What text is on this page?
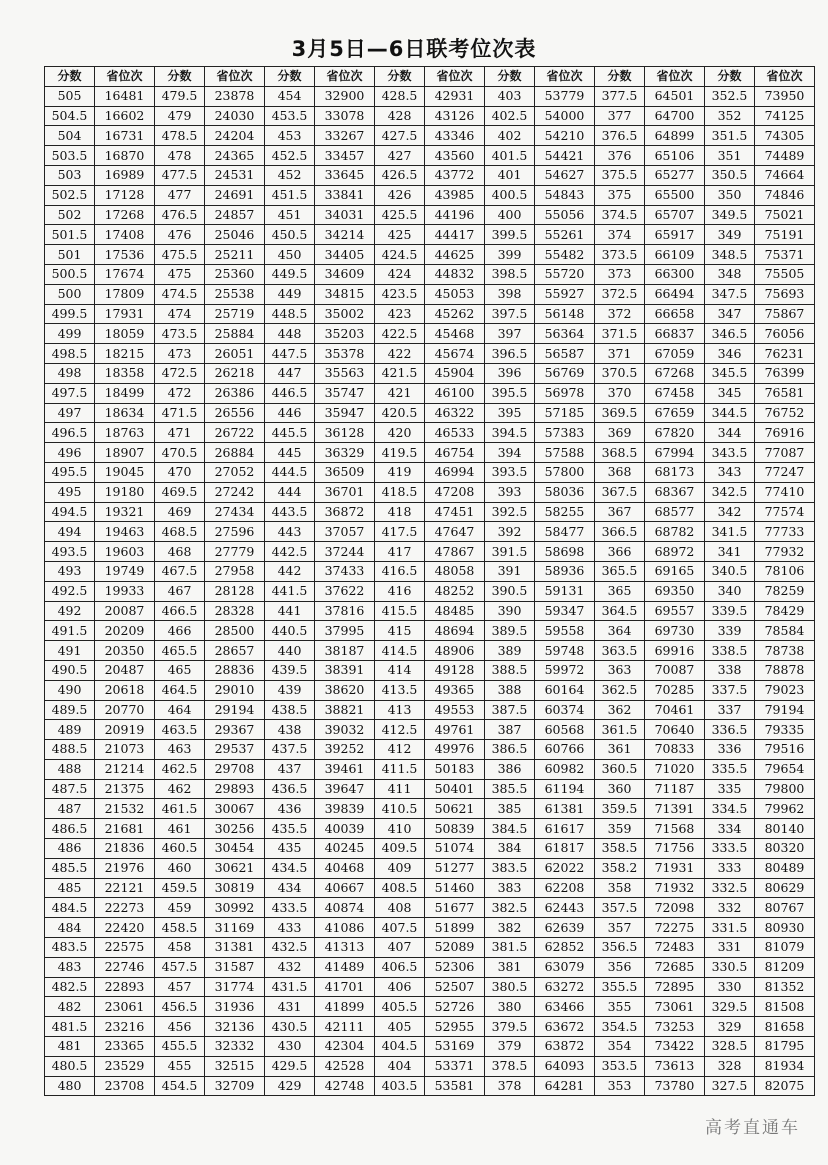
3月5日—6日联考位次表
分数	省位次	分数	省位次	分数	省位次	分数	省位次	分数	省位次	分数	省位次	分数	省位次
505	16481	479.5	23878	454	32900	428.5	42931	403	53779	377.5	64501	352.5	73950
504.5	16602	479	24030	453.5	33078	428	43126	402.5	54000	377	64700	352	74125
504	16731	478.5	24204	453	33267	427.5	43346	402	54210	376.5	64899	351.5	74305
503.5	16870	478	24365	452.5	33457	427	43560	401.5	54421	376	65106	351	74489
503	16989	477.5	24531	452	33645	426.5	43772	401	54627	375.5	65277	350.5	74664
502.5	17128	477	24691	451.5	33841	426	43985	400.5	54843	375	65500	350	74846
502	17268	476.5	24857	451	34031	425.5	44196	400	55056	374.5	65707	349.5	75021
501.5	17408	476	25046	450.5	34214	425	44417	399.5	55261	374	65917	349	75191
501	17536	475.5	25211	450	34405	424.5	44625	399	55482	373.5	66109	348.5	75371
500.5	17674	475	25360	449.5	34609	424	44832	398.5	55720	373	66300	348	75505
500	17809	474.5	25538	449	34815	423.5	45053	398	55927	372.5	66494	347.5	75693
499.5	17931	474	25719	448.5	35002	423	45262	397.5	56148	372	66658	347	75867
499	18059	473.5	25884	448	35203	422.5	45468	397	56364	371.5	66837	346.5	76056
498.5	18215	473	26051	447.5	35378	422	45674	396.5	56587	371	67059	346	76231
498	18358	472.5	26218	447	35563	421.5	45904	396	56769	370.5	67268	345.5	76399
497.5	18499	472	26386	446.5	35747	421	46100	395.5	56978	370	67458	345	76581
497	18634	471.5	26556	446	35947	420.5	46322	395	57185	369.5	67659	344.5	76752
496.5	18763	471	26722	445.5	36128	420	46533	394.5	57383	369	67820	344	76916
496	18907	470.5	26884	445	36329	419.5	46754	394	57588	368.5	67994	343.5	77087
495.5	19045	470	27052	444.5	36509	419	46994	393.5	57800	368	68173	343	77247
495	19180	469.5	27242	444	36701	418.5	47208	393	58036	367.5	68367	342.5	77410
494.5	19321	469	27434	443.5	36872	418	47451	392.5	58255	367	68577	342	77574
494	19463	468.5	27596	443	37057	417.5	47647	392	58477	366.5	68782	341.5	77733
493.5	19603	468	27779	442.5	37244	417	47867	391.5	58698	366	68972	341	77932
493	19749	467.5	27958	442	37433	416.5	48058	391	58936	365.5	69165	340.5	78106
492.5	19933	467	28128	441.5	37622	416	48252	390.5	59131	365	69350	340	78259
492	20087	466.5	28328	441	37816	415.5	48485	390	59347	364.5	69557	339.5	78429
491.5	20209	466	28500	440.5	37995	415	48694	389.5	59558	364	69730	339	78584
491	20350	465.5	28657	440	38187	414.5	48906	389	59748	363.5	69916	338.5	78738
490.5	20487	465	28836	439.5	38391	414	49128	388.5	59972	363	70087	338	78878
490	20618	464.5	29010	439	38620	413.5	49365	388	60164	362.5	70285	337.5	79023
489.5	20770	464	29194	438.5	38821	413	49553	387.5	60374	362	70461	337	79194
489	20919	463.5	29367	438	39032	412.5	49761	387	60568	361.5	70640	336.5	79335
488.5	21073	463	29537	437.5	39252	412	49976	386.5	60766	361	70833	336	79516
488	21214	462.5	29708	437	39461	411.5	50183	386	60982	360.5	71020	335.5	79654
487.5	21375	462	29893	436.5	39647	411	50401	385.5	61194	360	71187	335	79800
487	21532	461.5	30067	436	39839	410.5	50621	385	61381	359.5	71391	334.5	79962
486.5	21681	461	30256	435.5	40039	410	50839	384.5	61617	359	71568	334	80140
486	21836	460.5	30454	435	40245	409.5	51074	384	61817	358.5	71756	333.5	80320
485.5	21976	460	30621	434.5	40468	409	51277	383.5	62022	358.2	71931	333	80489
485	22121	459.5	30819	434	40667	408.5	51460	383	62208	358	71932	332.5	80629
484.5	22273	459	30992	433.5	40874	408	51677	382.5	62443	357.5	72098	332	80767
484	22420	458.5	31169	433	41086	407.5	51899	382	62639	357	72275	331.5	80930
483.5	22575	458	31381	432.5	41313	407	52089	381.5	62852	356.5	72483	331	81079
483	22746	457.5	31587	432	41489	406.5	52306	381	63079	356	72685	330.5	81209
482.5	22893	457	31774	431.5	41701	406	52507	380.5	63272	355.5	72895	330	81352
482	23061	456.5	31936	431	41899	405.5	52726	380	63466	355	73061	329.5	81508
481.5	23216	456	32136	430.5	42111	405	52955	379.5	63672	354.5	73253	329	81658
481	23365	455.5	32332	430	42304	404.5	53169	379	63872	354	73422	328.5	81795
480.5	23529	455	32515	429.5	42528	404	53371	378.5	64093	353.5	73613	328	81934
480	23708	454.5	32709	429	42748	403.5	53581	378	64281	353	73780	327.5	82075
高考直通车
